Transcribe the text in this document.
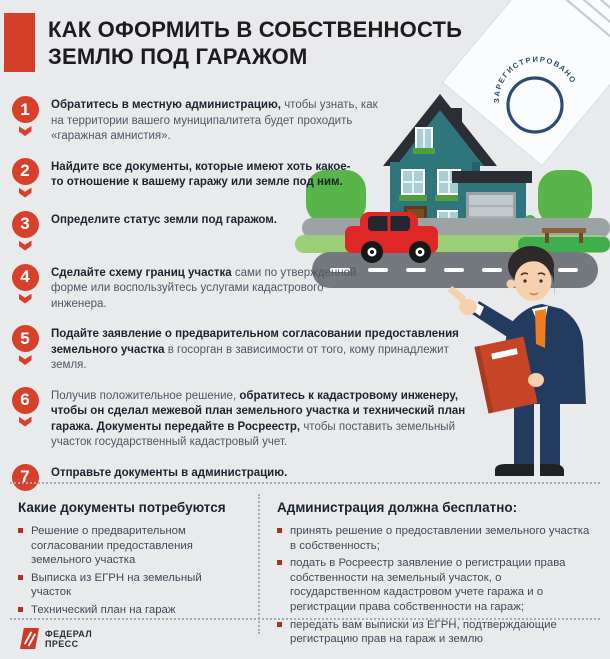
ЗАРЕГИСТРИРОВАНО
КАК ОФОРМИТЬ В СОБСТВЕННОСТЬ
ЗЕМЛЮ ПОД ГАРАЖОМ
1	Обратитесь в местную администрацию, чтобы узнать, как на территории вашего муниципалитета будет проходить «гаражная амнистия».
2	Найдите все документы, которые имеют хоть какое-то отношение к вашему гаражу или земле под ним.
3	Определите статус земли под гаражом.
4	Сделайте схему границ участка сами по утвержденной форме или воспользуйтесь услугами кадастрового инженера.
5	Подайте заявление о предварительном согласовании предоставления земельного участка в госорган в зависимости от того, кому принадлежит земля.
6	Получив положительное решение, обратитесь к кадастровому инженеру, чтобы он сделал межевой план земельного участка и технический план гаража. Документы передайте в Росреестр, чтобы поставить земельный участок государственный кадастровый учет.
7	Отправьте документы в администрацию.
Какие документы потребуются
Решение о предварительном согласовании предоставления земельного участка
Выписка из ЕГРН на земельный участок
Технический план на гараж
Администрация должна бесплатно:
принять решение о предоставлении земельного участка в собственность;
подать в Росреестр заявление о регистрации права собственности на земельный участок, о государственном кадастровом учете гаража и о регистрации права собственности на гараж;
передать вам выписки из ЕГРН, подтверждающие регистрацию прав на гараж и землю
ФЕДЕРАЛ
ПРЕСС
